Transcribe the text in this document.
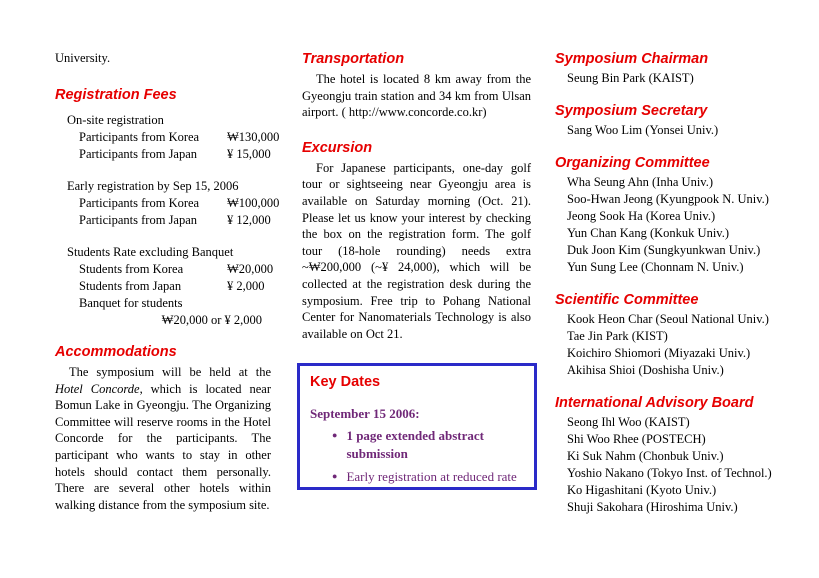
University.
Registration Fees
On-site registration
Participants from Korea ₩130,000
Participants from Japan ¥ 15,000
Early registration by Sep 15, 2006
Participants from Korea ₩100,000
Participants from Japan ¥ 12,000
Students Rate excluding Banquet
Students from Korea	₩20,000
Students from Japan	¥ 2,000
Banquet for students
₩20,000 or ¥ 2,000
Accommodations

The symposium will be held at the Hotel Concorde, which is located near Bomun Lake in Gyeongju. The Organizing Committee will reserve rooms in the Hotel Concorde for the participants. The participant who wants to stay in other hotels should contact them personally. There are several other hotels within walking distance from the symposium site.

Transportation

The hotel is located 8 km away from the Gyeongju train station and 34 km from Ulsan airport. ( http://www.concorde.co.kr)

Excursion

For Japanese participants, one-day golf tour or sightseeing near Gyeongju area is available on Saturday morning (Oct. 21). Please let us know your interest by checking the box on the registration form. The golf tour (18-hole rounding) needs extra ~₩200,000 (~¥ 24,000), which will be collected at the registration desk during the symposium. Free trip to Pohang National Center for Nanomaterials Technology is also available on Oct 21.

Key Dates
September 15 2006:
● 1 page extended abstract submission
● Early registration at reduced rate
Symposium Chairman
Seung Bin Park (KAIST)
Symposium Secretary
Sang Woo Lim (Yonsei Univ.)
Organizing Committee
Wha Seung Ahn (Inha Univ.)
Soo-Hwan Jeong (Kyungpook N. Univ.)
Jeong Sook Ha (Korea Univ.)
Yun Chan Kang (Konkuk Univ.)
Duk Joon Kim (Sungkyunkwan Univ.)
Yun Sung Lee (Chonnam N. Univ.)
Scientific Committee
Kook Heon Char (Seoul National Univ.)
Tae Jin Park (KIST)
Koichiro Shiomori (Miyazaki Univ.)
Akihisa Shioi (Doshisha Univ.)
International Advisory Board
Seong Ihl Woo (KAIST)
Shi Woo Rhee (POSTECH)
Ki Suk Nahm (Chonbuk Univ.)
Yoshio Nakano (Tokyo Inst. of Technol.)
Ko Higashitani (Kyoto Univ.)
Shuji Sakohara (Hiroshima Univ.)
